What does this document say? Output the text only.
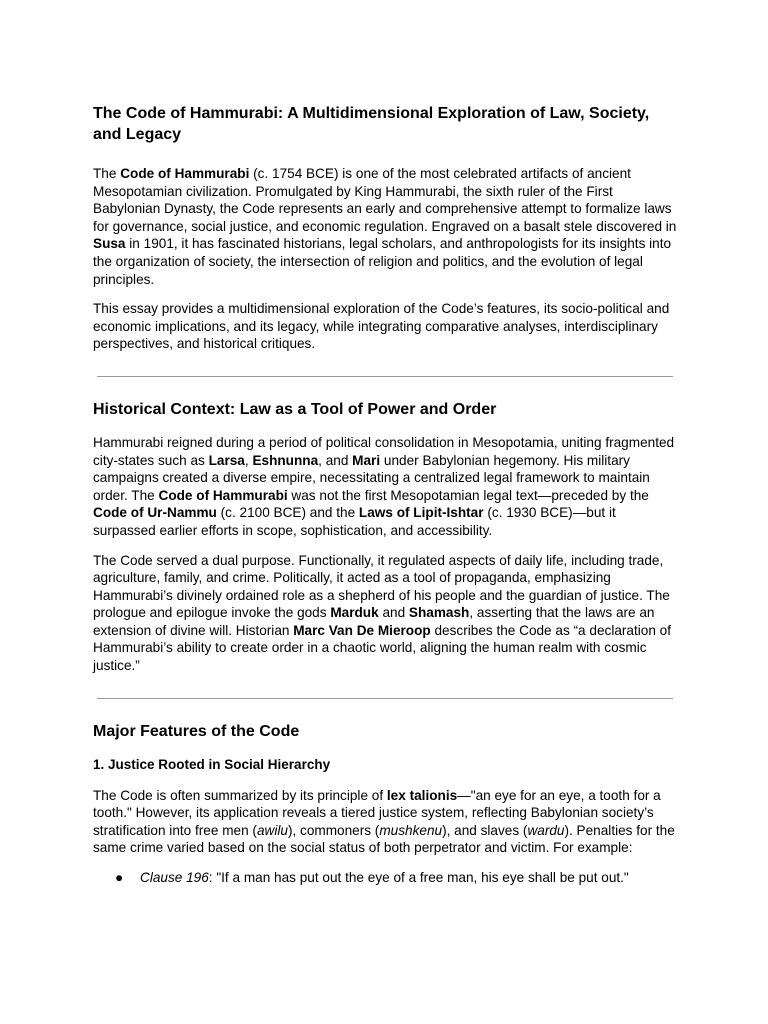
The Code of Hammurabi: A Multidimensional Exploration of Law, Society, and Legacy

The Code of Hammurabi (c. 1754 BCE) is one of the most celebrated artifacts of ancient Mesopotamian civilization. Promulgated by King Hammurabi, the sixth ruler of the First Babylonian Dynasty, the Code represents an early and comprehensive attempt to formalize laws for governance, social justice, and economic regulation. Engraved on a basalt stele discovered in Susa in 1901, it has fascinated historians, legal scholars, and anthropologists for its insights into the organization of society, the intersection of religion and politics, and the evolution of legal principles.

This essay provides a multidimensional exploration of the Code’s features, its socio-political and economic implications, and its legacy, while integrating comparative analyses, interdisciplinary perspectives, and historical critiques.

Historical Context: Law as a Tool of Power and Order

Hammurabi reigned during a period of political consolidation in Mesopotamia, uniting fragmented city-states such as Larsa, Eshnunna, and Mari under Babylonian hegemony. His military campaigns created a diverse empire, necessitating a centralized legal framework to maintain order. The Code of Hammurabi was not the first Mesopotamian legal text—preceded by the Code of Ur-Nammu (c. 2100 BCE) and the Laws of Lipit-Ishtar (c. 1930 BCE)—but it surpassed earlier efforts in scope, sophistication, and accessibility.

The Code served a dual purpose. Functionally, it regulated aspects of daily life, including trade, agriculture, family, and crime. Politically, it acted as a tool of propaganda, emphasizing Hammurabi’s divinely ordained role as a shepherd of his people and the guardian of justice. The prologue and epilogue invoke the gods Marduk and Shamash, asserting that the laws are an extension of divine will. Historian Marc Van De Mieroop describes the Code as “a declaration of Hammurabi’s ability to create order in a chaotic world, aligning the human realm with cosmic justice.”

Major Features of the Code
1. Justice Rooted in Social Hierarchy

The Code is often summarized by its principle of lex talionis—"an eye for an eye, a tooth for a tooth." However, its application reveals a tiered justice system, reflecting Babylonian society’s stratification into free men (awilu), commoners (mushkenu), and slaves (wardu). Penalties for the same crime varied based on the social status of both perpetrator and victim. For example:

● Clause 196: "If a man has put out the eye of a free man, his eye shall be put out."
